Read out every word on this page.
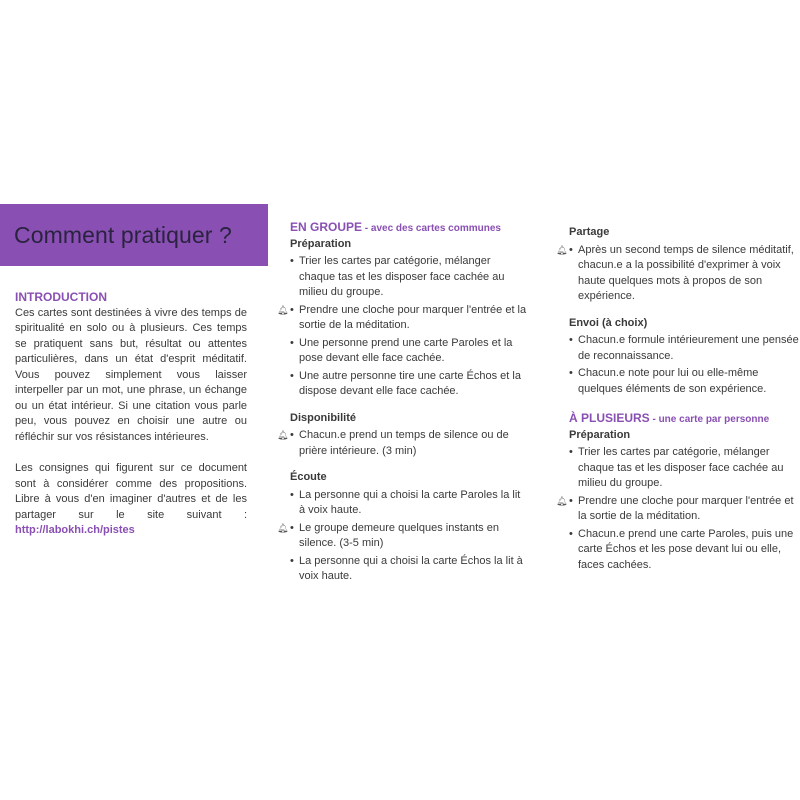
Comment pratiquer ?
INTRODUCTION

Ces cartes sont destinées à vivre des temps de spiritualité en solo ou à plusieurs. Ces temps se pratiquent sans but, résultat ou attentes particulières, dans un état d'esprit méditatif. Vous pouvez simplement vous laisser interpeller par un mot, une phrase, un échange ou un état intérieur. Si une citation vous parle peu, vous pouvez en choisir une autre ou réfléchir sur vos résistances intérieures.

Les consignes qui figurent sur ce document sont à considérer comme des propositions. Libre à vous d'en imaginer d'autres et de les partager sur le site suivant : http://labokhi.ch/pistes

EN GROUPE - avec des cartes communes
Préparation
• Trier les cartes par catégorie, mélanger chaque tas et les disposer face cachée au milieu du groupe.
🔔︎ • Prendre une cloche pour marquer l'entrée et la sortie de la méditation.
• Une personne prend une carte Paroles et la pose devant elle face cachée.
• Une autre personne tire une carte Échos et la dispose devant elle face cachée.
Disponibilité
🔔︎ • Chacun.e prend un temps de silence ou de prière intérieure. (3 min)
Écoute
• La personne qui a choisi la carte Paroles la lit à voix haute.
🔔︎ • Le groupe demeure quelques instants en silence. (3-5 min)
• La personne qui a choisi la carte Échos la lit à voix haute.
Partage
🔔︎ • Après un second temps de silence méditatif, chacun.e a la possibilité d'exprimer à voix haute quelques mots à propos de son expérience.
Envoi (à choix)
• Chacun.e formule intérieurement une pensée de reconnaissance.
• Chacun.e note pour lui ou elle-même quelques éléments de son expérience.
À PLUSIEURS - une carte par personne
Préparation
• Trier les cartes par catégorie, mélanger chaque tas et les disposer face cachée au milieu du groupe.
🔔︎ • Prendre une cloche pour marquer l'entrée et la sortie de la méditation.
• Chacun.e prend une carte Paroles, puis une carte Échos et les pose devant lui ou elle, faces cachées.
